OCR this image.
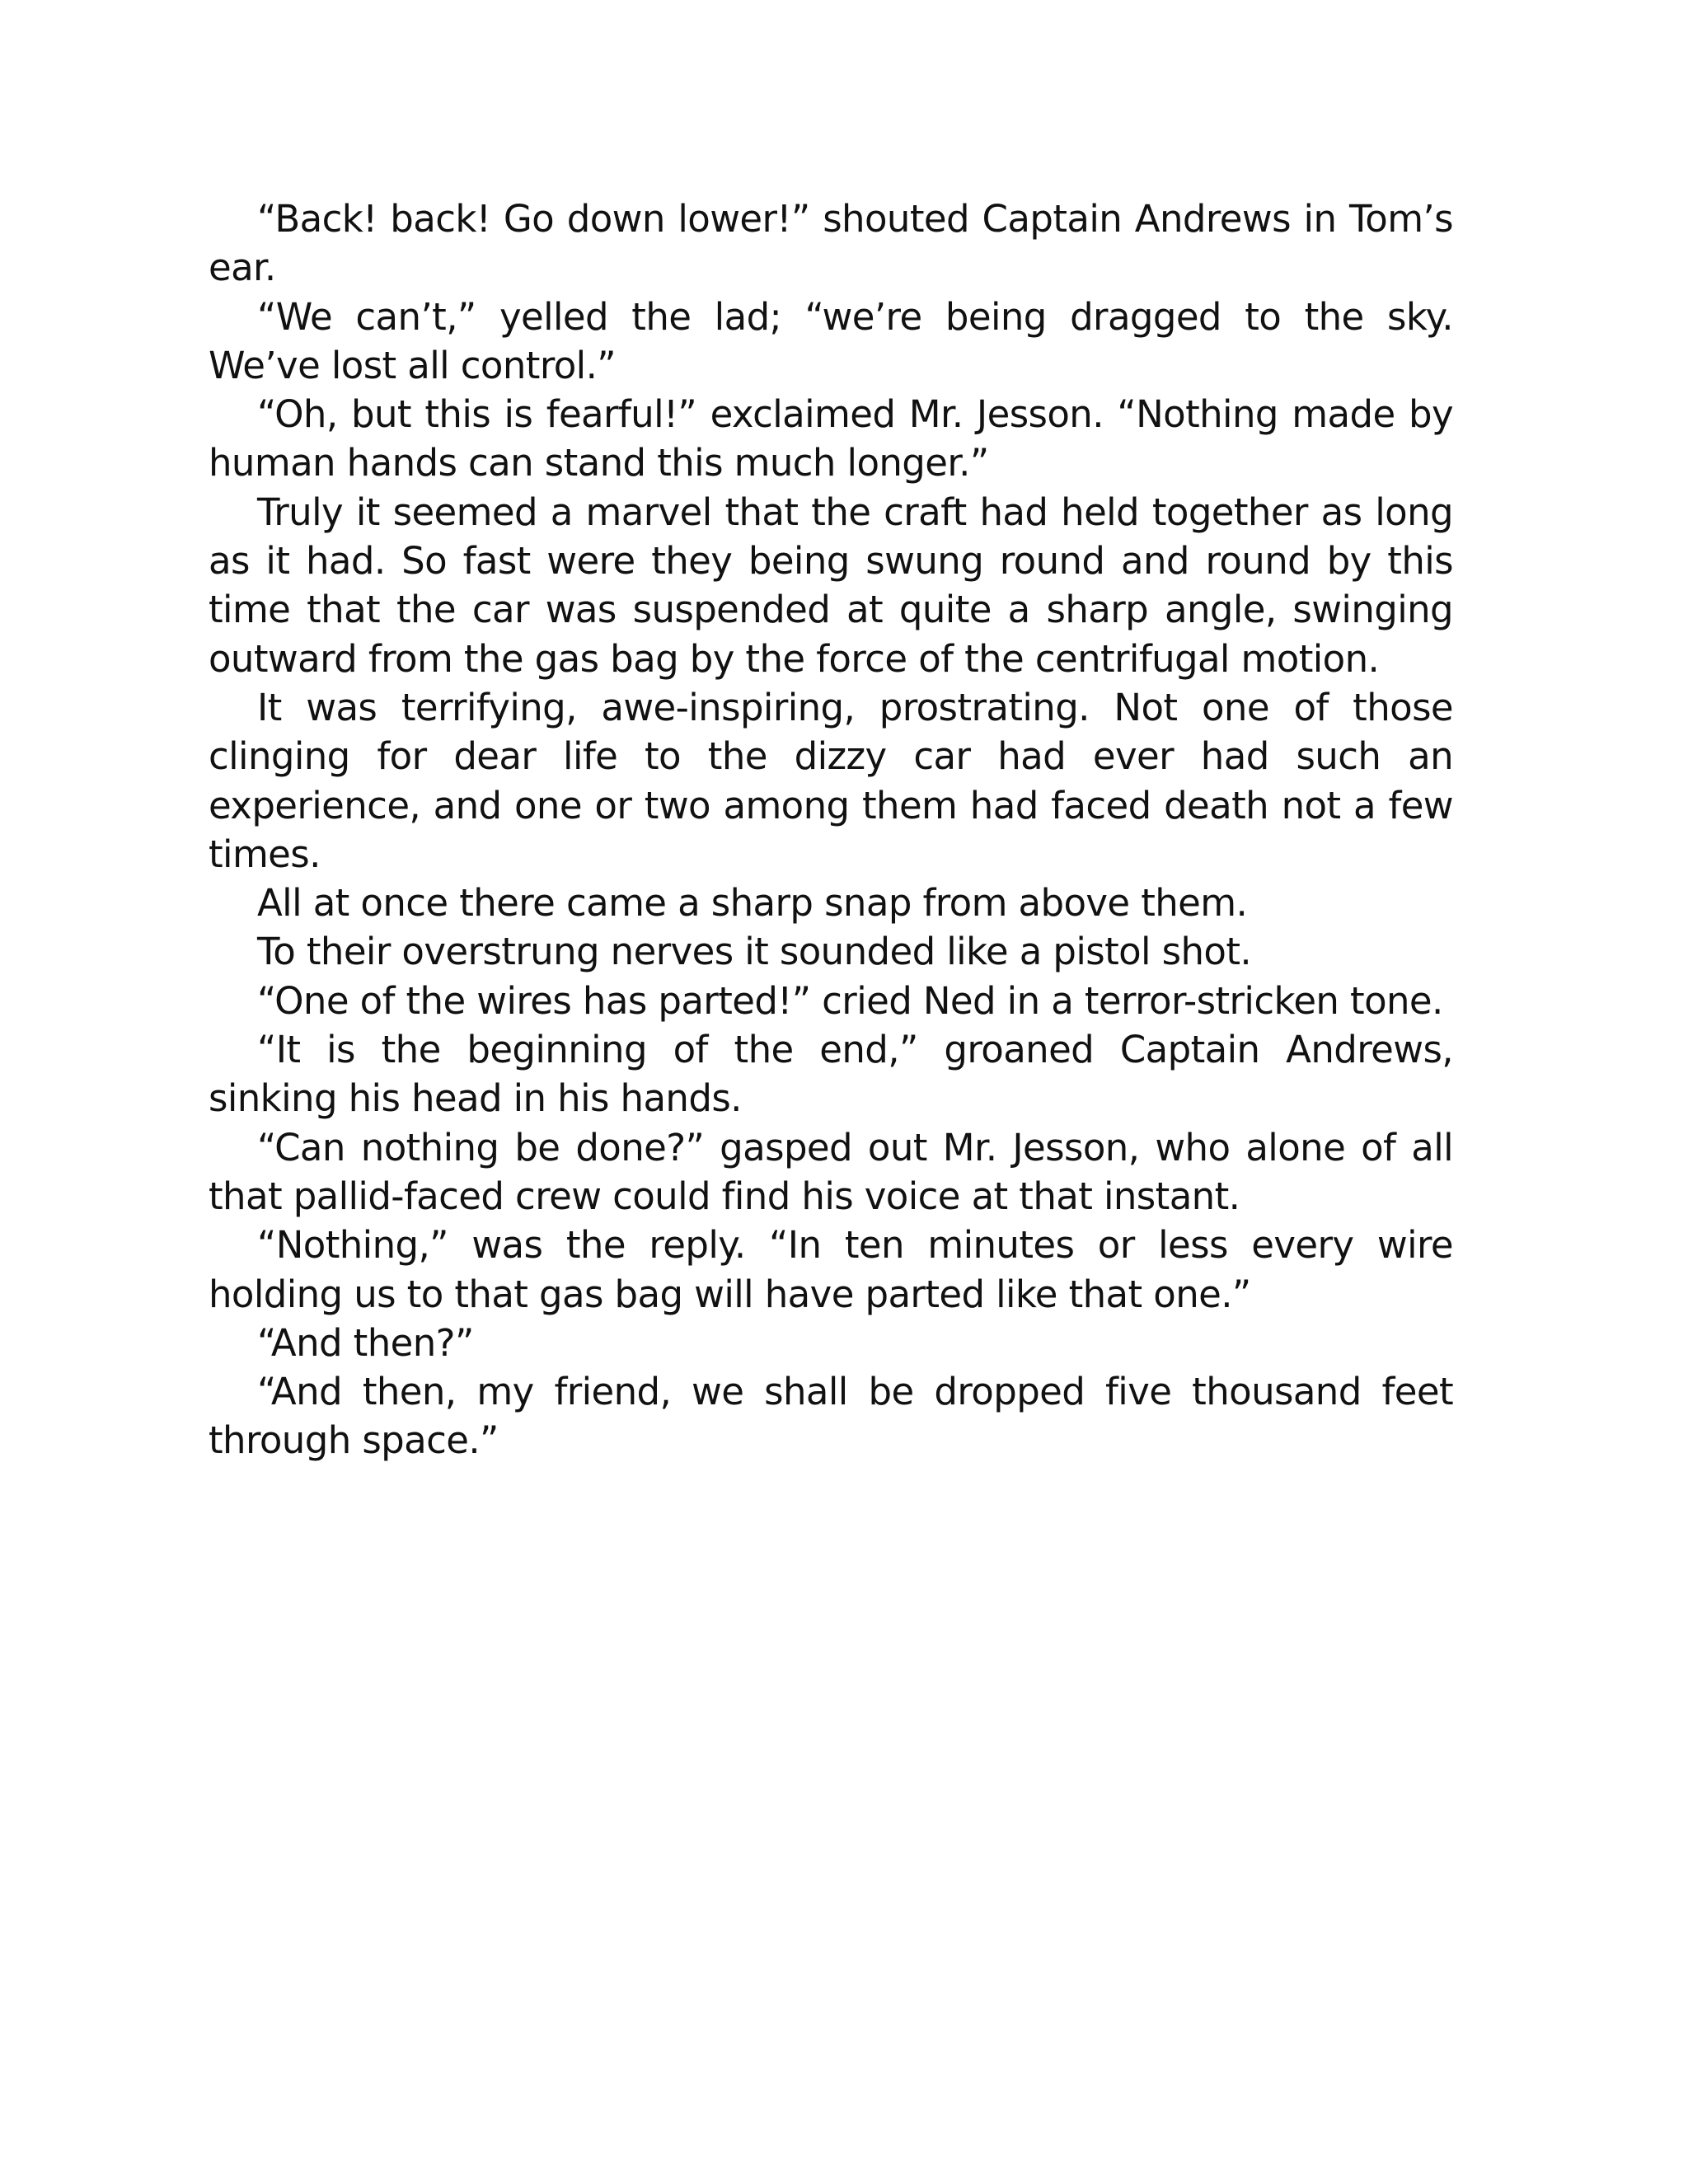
“Back! back! Go down lower!” shouted Captain Andrews in Tom’s ear.

“We can’t,” yelled the lad; “we’re being dragged to the sky. We’ve lost all control.”

“Oh, but this is fearful!” exclaimed Mr. Jesson. “Nothing made by human hands can stand this much longer.”

Truly it seemed a marvel that the craft had held together as long as it had. So fast were they being swung round and round by this time that the car was suspended at quite a sharp angle, swinging outward from the gas bag by the force of the centrifugal motion.

It was terrifying, awe-inspiring, prostrating. Not one of those clinging for dear life to the dizzy car had ever had such an experience, and one or two among them had faced death not a few times.

All at once there came a sharp snap from above them.

To their overstrung nerves it sounded like a pistol shot.

“One of the wires has parted!” cried Ned in a terror-stricken tone.

“It is the beginning of the end,” groaned Captain Andrews, sinking his head in his hands.

“Can nothing be done?” gasped out Mr. Jesson, who alone of all that pallid-faced crew could find his voice at that instant.

“Nothing,” was the reply. “In ten minutes or less every wire holding us to that gas bag will have parted like that one.”

“And then?”

“And then, my friend, we shall be dropped five thousand feet through space.”
